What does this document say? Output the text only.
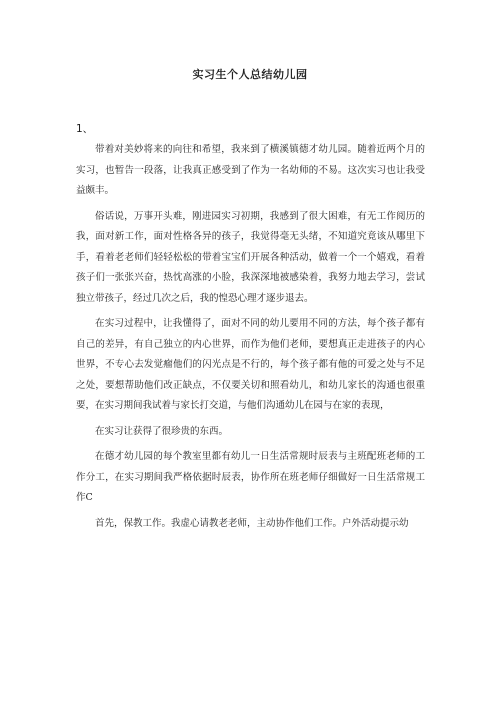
实习生个人总结幼儿园
1、

带着对美妙将来的向往和希望，我来到了横溪镇德才幼儿园。随着近两个月的实习，也暂告一段落，让我真正感受到了作为一名幼师的不易。这次实习也让我受益颇丰。

俗话说，万事开头难，刚进园实习初期，我感到了很大困难，有无工作阅历的我，面对新工作，面对性格各异的孩子，我觉得毫无头绪，不知道究竟该从哪里下手，看着老老师们轻轻松松的带着宝宝们开展各种活动，做着一个一个嬉戏，看着孩子们一张张兴奋，热忱高涨的小脸，我深深地被感染着，我努力地去学习，尝试独立带孩子，经过几次之后，我的惶恐心理才逐步退去。

在实习过程中，让我懂得了，面对不同的幼儿要用不同的方法，每个孩子都有自己的差异，有自己独立的内心世界，而作为他们老师，要想真正走进孩子的内心世界，不专心去发觉瘤他们的闪光点是不行的，每个孩子都有他的可爱之处与不足之处，要想帮助他们改正缺点，不仅要关切和照看幼儿，和幼儿家长的沟通也很重要，在实习期间我试着与家长打交道，与他们沟通幼儿在园与在家的表现，

在实习让获得了很珍贵的东西。

在德才幼儿园的每个教室里都有幼儿一日生活常规时辰表与主班配班老师的工作分工，在实习期间我严格依据时辰表，协作所在班老师仔细做好一日生活常规工作C

首先，保教工作。我虚心请教老老师，主动协作他们工作。户外活动提示幼
